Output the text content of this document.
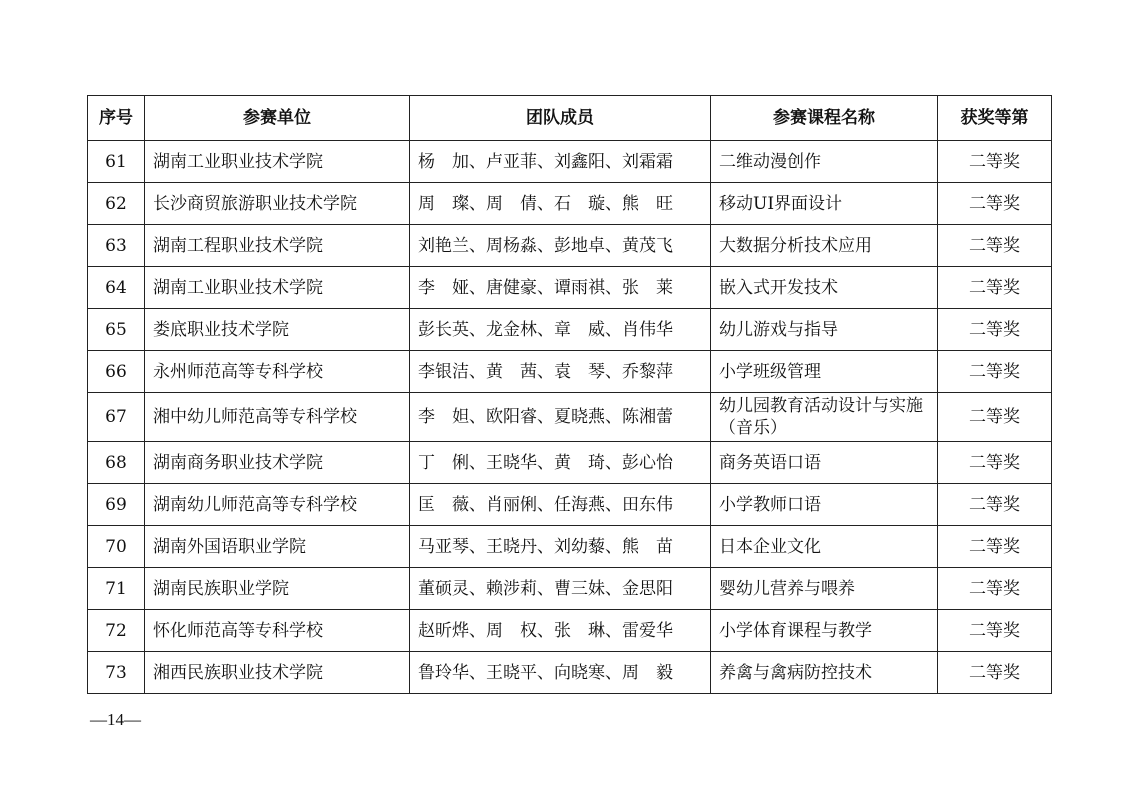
序号	参赛单位	团队成员	参赛课程名称	获奖等第
61	湖南工业职业技术学院	杨　加、卢亚菲、刘鑫阳、刘霜霜	二维动漫创作	二等奖
62	长沙商贸旅游职业技术学院	周　璨、周　倩、石　璇、熊　旺	移动UI界面设计	二等奖
63	湖南工程职业技术学院	刘艳兰、周杨淼、彭地卓、黄茂飞	大数据分析技术应用	二等奖
64	湖南工业职业技术学院	李　娅、唐健豪、谭雨祺、张　莱	嵌入式开发技术	二等奖
65	娄底职业技术学院	彭长英、龙金林、章　威、肖伟华	幼儿游戏与指导	二等奖
66	永州师范高等专科学校	李银洁、黄　茜、袁　琴、乔黎萍	小学班级管理	二等奖
67	湘中幼儿师范高等专科学校	李　妲、欧阳睿、夏晓燕、陈湘蕾	幼儿园教育活动设计与实施（音乐）	二等奖
68	湖南商务职业技术学院	丁　俐、王晓华、黄　琦、彭心怡	商务英语口语	二等奖
69	湖南幼儿师范高等专科学校	匡　薇、肖丽俐、任海燕、田东伟	小学教师口语	二等奖
70	湖南外国语职业学院	马亚琴、王晓丹、刘幼藜、熊　苗	日本企业文化	二等奖
71	湖南民族职业学院	董硕灵、赖涉莉、曹三妹、金思阳	婴幼儿营养与喂养	二等奖
72	怀化师范高等专科学校	赵昕烨、周　权、张　琳、雷爱华	小学体育课程与教学	二等奖
73	湘西民族职业技术学院	鲁玲华、王晓平、向晓寒、周　毅	养禽与禽病防控技术	二等奖
—14—
